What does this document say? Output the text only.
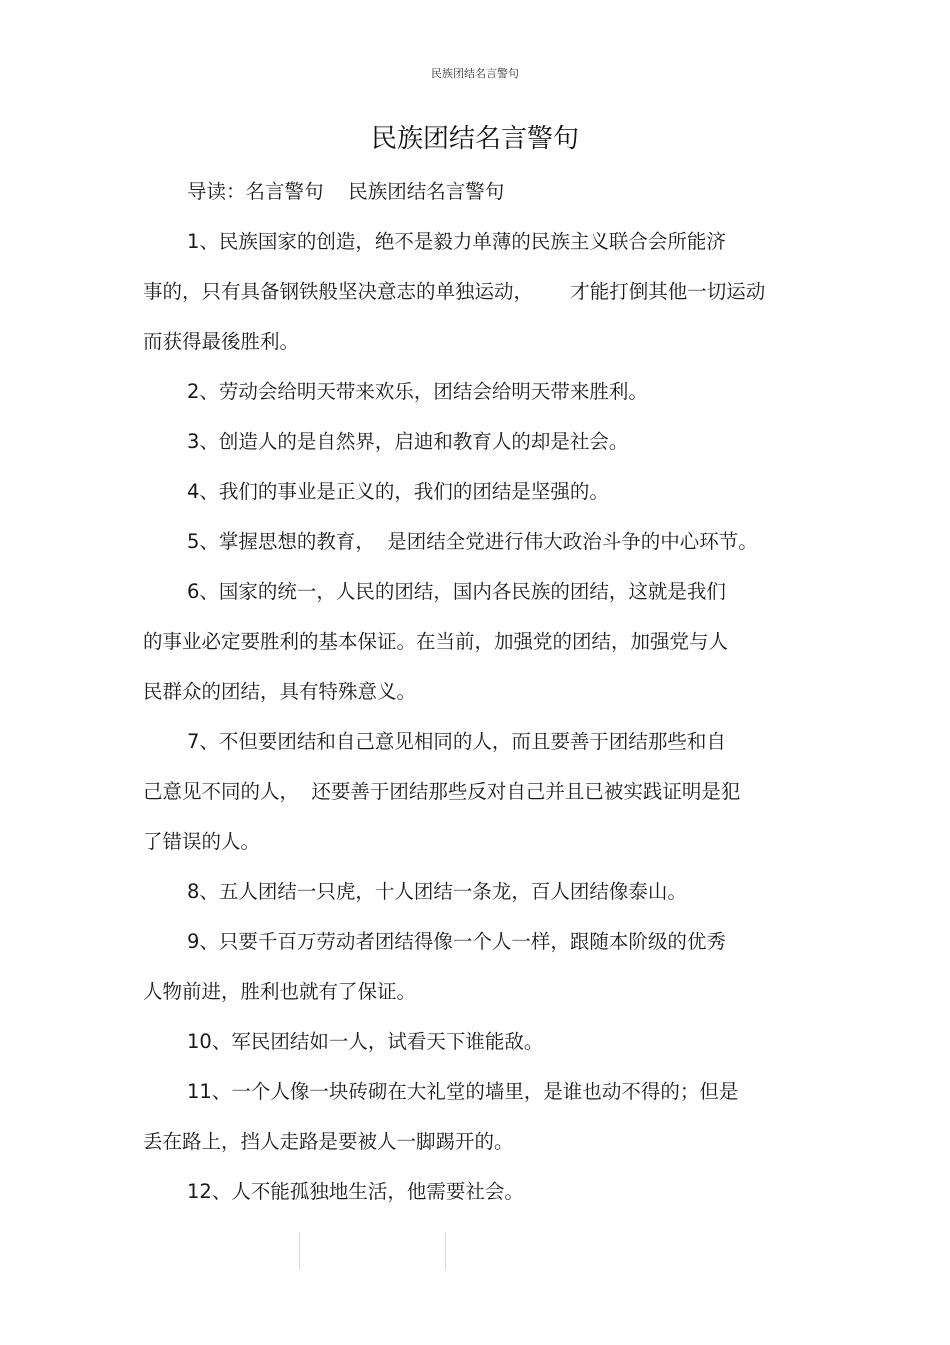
民族团结名言警句
民族团结名言警句
导读：名言警句    民族团结名言警句
1、民族国家的创造，绝不是毅力单薄的民族主义联合会所能济
事的，只有具备钢铁般坚决意志的单独运动，      才能打倒其他一切运动
而获得最後胜利。
2、劳动会给明天带来欢乐，团结会给明天带来胜利。
3、创造人的是自然界，启迪和教育人的却是社会。
4、我们的事业是正义的，我们的团结是坚强的。
5、掌握思想的教育，  是团结全党进行伟大政治斗争的中心环节。
6、国家的统一，人民的团结，国内各民族的团结，这就是我们
的事业必定要胜利的基本保证。在当前，加强党的团结，加强党与人
民群众的团结，具有特殊意义。
7、不但要团结和自己意见相同的人，而且要善于团结那些和自
己意见不同的人，  还要善于团结那些反对自己并且已被实践证明是犯
了错误的人。
8、五人团结一只虎，十人团结一条龙，百人团结像泰山。
9、只要千百万劳动者团结得像一个人一样，跟随本阶级的优秀
人物前进，胜利也就有了保证。
10、军民团结如一人，试看天下谁能敌。
11、一个人像一块砖砌在大礼堂的墙里，是谁也动不得的；但是
丢在路上，挡人走路是要被人一脚踢开的。
12、人不能孤独地生活，他需要社会。
